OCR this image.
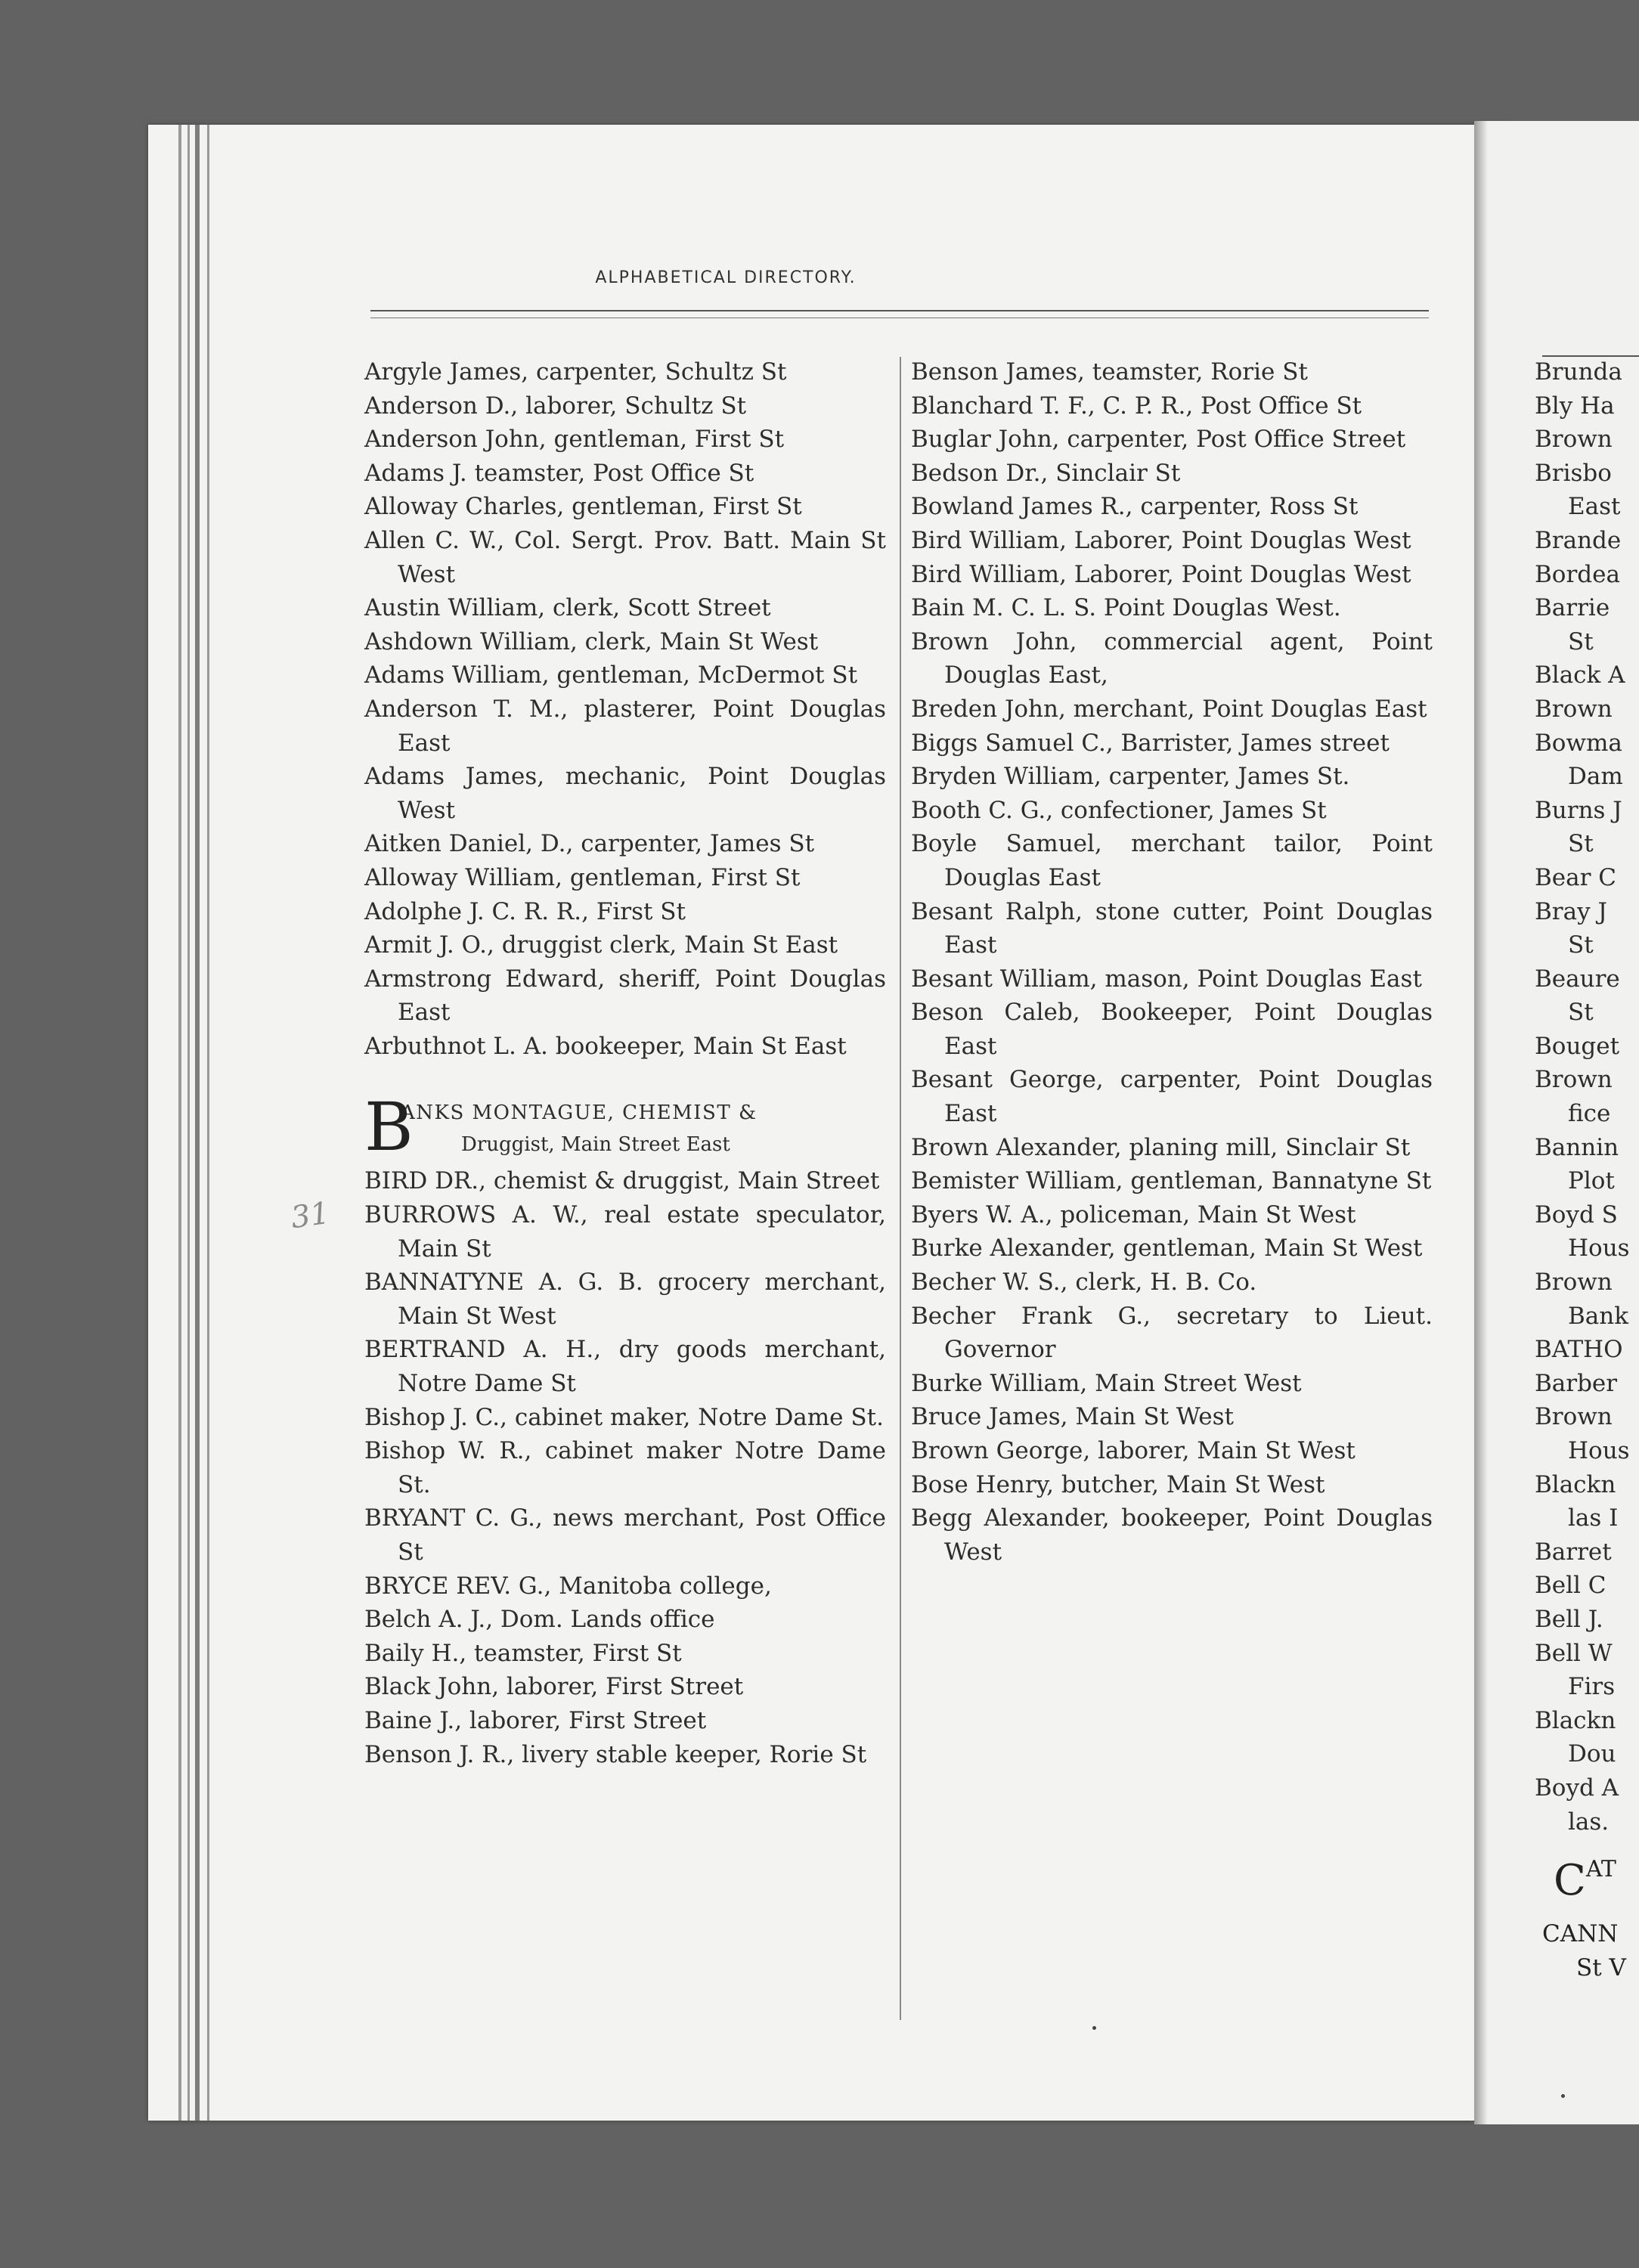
ALPHABETICAL DIRECTORY.
Argyle James, carpenter, Schultz St
Anderson D., laborer, Schultz St
Anderson John, gentleman, First St
Adams J. teamster, Post Office St
Alloway Charles, gentleman, First St
Allen C. W., Col. Sergt. Prov. Batt. Main St West
Austin William, clerk, Scott Street
Ashdown William, clerk, Main St West
Adams William, gentleman, McDermot St
Anderson T. M., plasterer, Point Douglas East
Adams James, mechanic, Point Douglas West
Aitken Daniel, D., carpenter, James St
Alloway William, gentleman, First St
Adolphe J. C. R. R., First St
Armit J. O., druggist clerk, Main St East
Armstrong Edward, sheriff, Point Douglas East
Arbuthnot L. A. bookeeper, Main St East
B
ANKS MONTAGUE, CHEMIST &
Druggist, Main Street East
BIRD DR., chemist & druggist, Main Street
BURROWS A. W., real estate speculator, Main St
BANNATYNE A. G. B. grocery merchant, Main St West
BERTRAND A. H., dry goods merchant, Notre Dame St
Bishop J. C., cabinet maker, Notre Dame St.
Bishop W. R., cabinet maker Notre Dame St.
BRYANT C. G., news merchant, Post Office St
BRYCE REV. G., Manitoba college,
Belch A. J., Dom. Lands office
Baily H., teamster, First St
Black John, laborer, First Street
Baine J., laborer, First Street
Benson J. R., livery stable keeper, Rorie St
Benson James, teamster, Rorie St
Blanchard T. F., C. P. R., Post Office St
Buglar John, carpenter, Post Office Street
Bedson Dr., Sinclair St
Bowland James R., carpenter, Ross St
Bird William, Laborer, Point Douglas West
Bird William, Laborer, Point Douglas West
Bain M. C. L. S. Point Douglas West.
Brown John, commercial agent, Point Douglas East,
Breden John, merchant, Point Douglas East
Biggs Samuel C., Barrister, James street
Bryden William, carpenter, James St.
Booth C. G., confectioner, James St
Boyle Samuel, merchant tailor, Point Douglas East
Besant Ralph, stone cutter, Point Douglas East
Besant William, mason, Point Douglas East
Beson Caleb, Bookeeper, Point Douglas East
Besant George, carpenter, Point Douglas East
Brown Alexander, planing mill, Sinclair St
Bemister William, gentleman, Bannatyne St
Byers W. A., policeman, Main St West
Burke Alexander, gentleman, Main St West
Becher W. S., clerk, H. B. Co.
Becher Frank G., secretary to Lieut. Governor
Burke William, Main Street West
Bruce James, Main St West
Brown George, laborer, Main St West
Bose Henry, butcher, Main St West
Begg Alexander, bookeeper, Point Douglas West
31
Brunda
Bly Ha
Brown
Brisbo
East
Brande
Bordea
Barrie
St
Black A
Brown
Bowma
Dam
Burns J
St
Bear C
Bray J
St
Beaure
St
Bouget
Brown
fice
Bannin
Plot
Boyd S
Hous
Brown
Bank
BATHO
Barber
Brown
Hous
Blackn
las I
Barret
Bell C
Bell J.
Bell W
Firs
Blackn
Dou
Boyd A
las.
$C^{AT}$
CANN
St V
